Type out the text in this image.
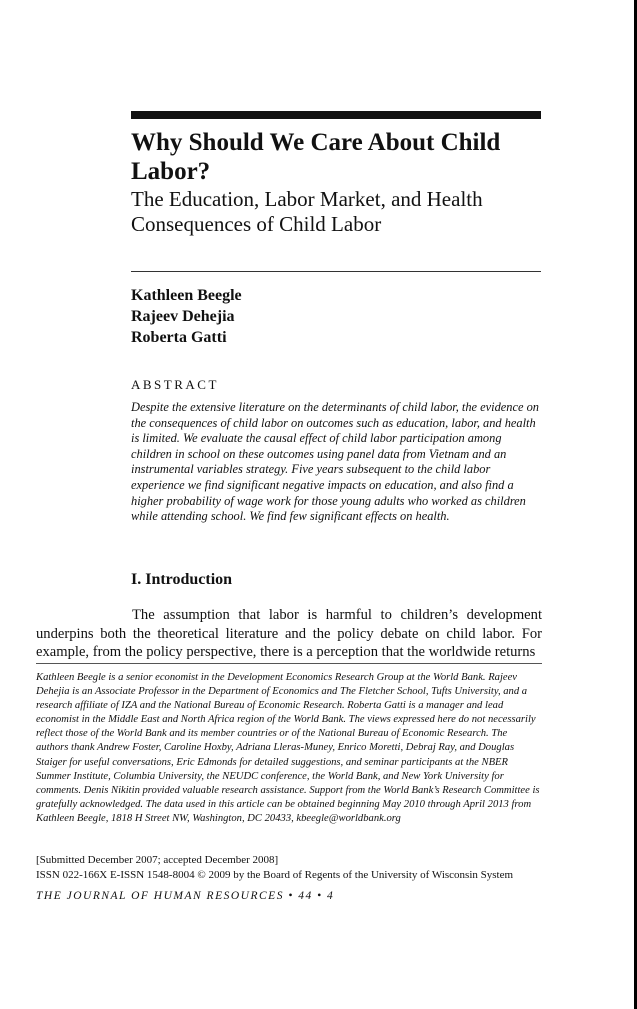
Why Should We Care About Child Labor?
The Education, Labor Market, and Health Consequences of Child Labor
Kathleen Beegle
Rajeev Dehejia
Roberta Gatti
ABSTRACT

Despite the extensive literature on the determinants of child labor, the evidence on the consequences of child labor on outcomes such as education, labor, and health is limited. We evaluate the causal effect of child labor participation among children in school on these outcomes using panel data from Vietnam and an instrumental variables strategy. Five years subsequent to the child labor experience we find significant negative impacts on education, and also find a higher probability of wage work for those young adults who worked as children while attending school. We find few significant effects on health.

I. Introduction

The assumption that labor is harmful to children’s development underpins both the theoretical literature and the policy debate on child labor. For example, from the policy perspective, there is a perception that the worldwide returns

Kathleen Beegle is a senior economist in the Development Economics Research Group at the World Bank. Rajeev Dehejia is an Associate Professor in the Department of Economics and The Fletcher School, Tufts University, and a research affiliate of IZA and the National Bureau of Economic Research. Roberta Gatti is a manager and lead economist in the Middle East and North Africa region of the World Bank. The views expressed here do not necessarily reflect those of the World Bank and its member countries or of the National Bureau of Economic Research. The authors thank Andrew Foster, Caroline Hoxby, Adriana Lleras-Muney, Enrico Moretti, Debraj Ray, and Douglas Staiger for useful conversations, Eric Edmonds for detailed suggestions, and seminar participants at the NBER Summer Institute, Columbia University, the NEUDC conference, the World Bank, and New York University for comments. Denis Nikitin provided valuable research assistance. Support from the World Bank’s Research Committee is gratefully acknowledged. The data used in this article can be obtained beginning May 2010 through April 2013 from Kathleen Beegle, 1818 H Street NW, Washington, DC 20433, kbeegle@worldbank.org

[Submitted December 2007; accepted December 2008]
ISSN 022-166X E-ISSN 1548-8004 © 2009 by the Board of Regents of the University of Wisconsin System
THE JOURNAL OF HUMAN RESOURCES • 44 • 4
